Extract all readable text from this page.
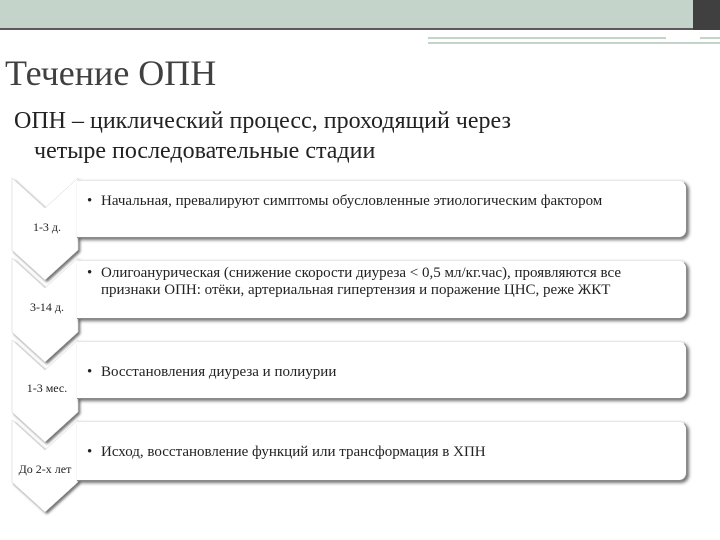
Течение ОПН
ОПН – циклический процесс, проходящий через
четыре последовательные стадии
1-3 д.
3-14 д.
1-3 мес.
До 2-х лет
• Начальная, превалируют симптомы обусловленные этиологическим фактором
• Олигоанурическая (снижение скорости диуреза < 0,5 мл/кг.час), проявляются все признаки ОПН: отёки, артериальная гипертензия и поражение ЦНС, реже ЖКТ
• Восстановления диуреза и полиурии
• Исход, восстановление функций или трансформация в ХПН
